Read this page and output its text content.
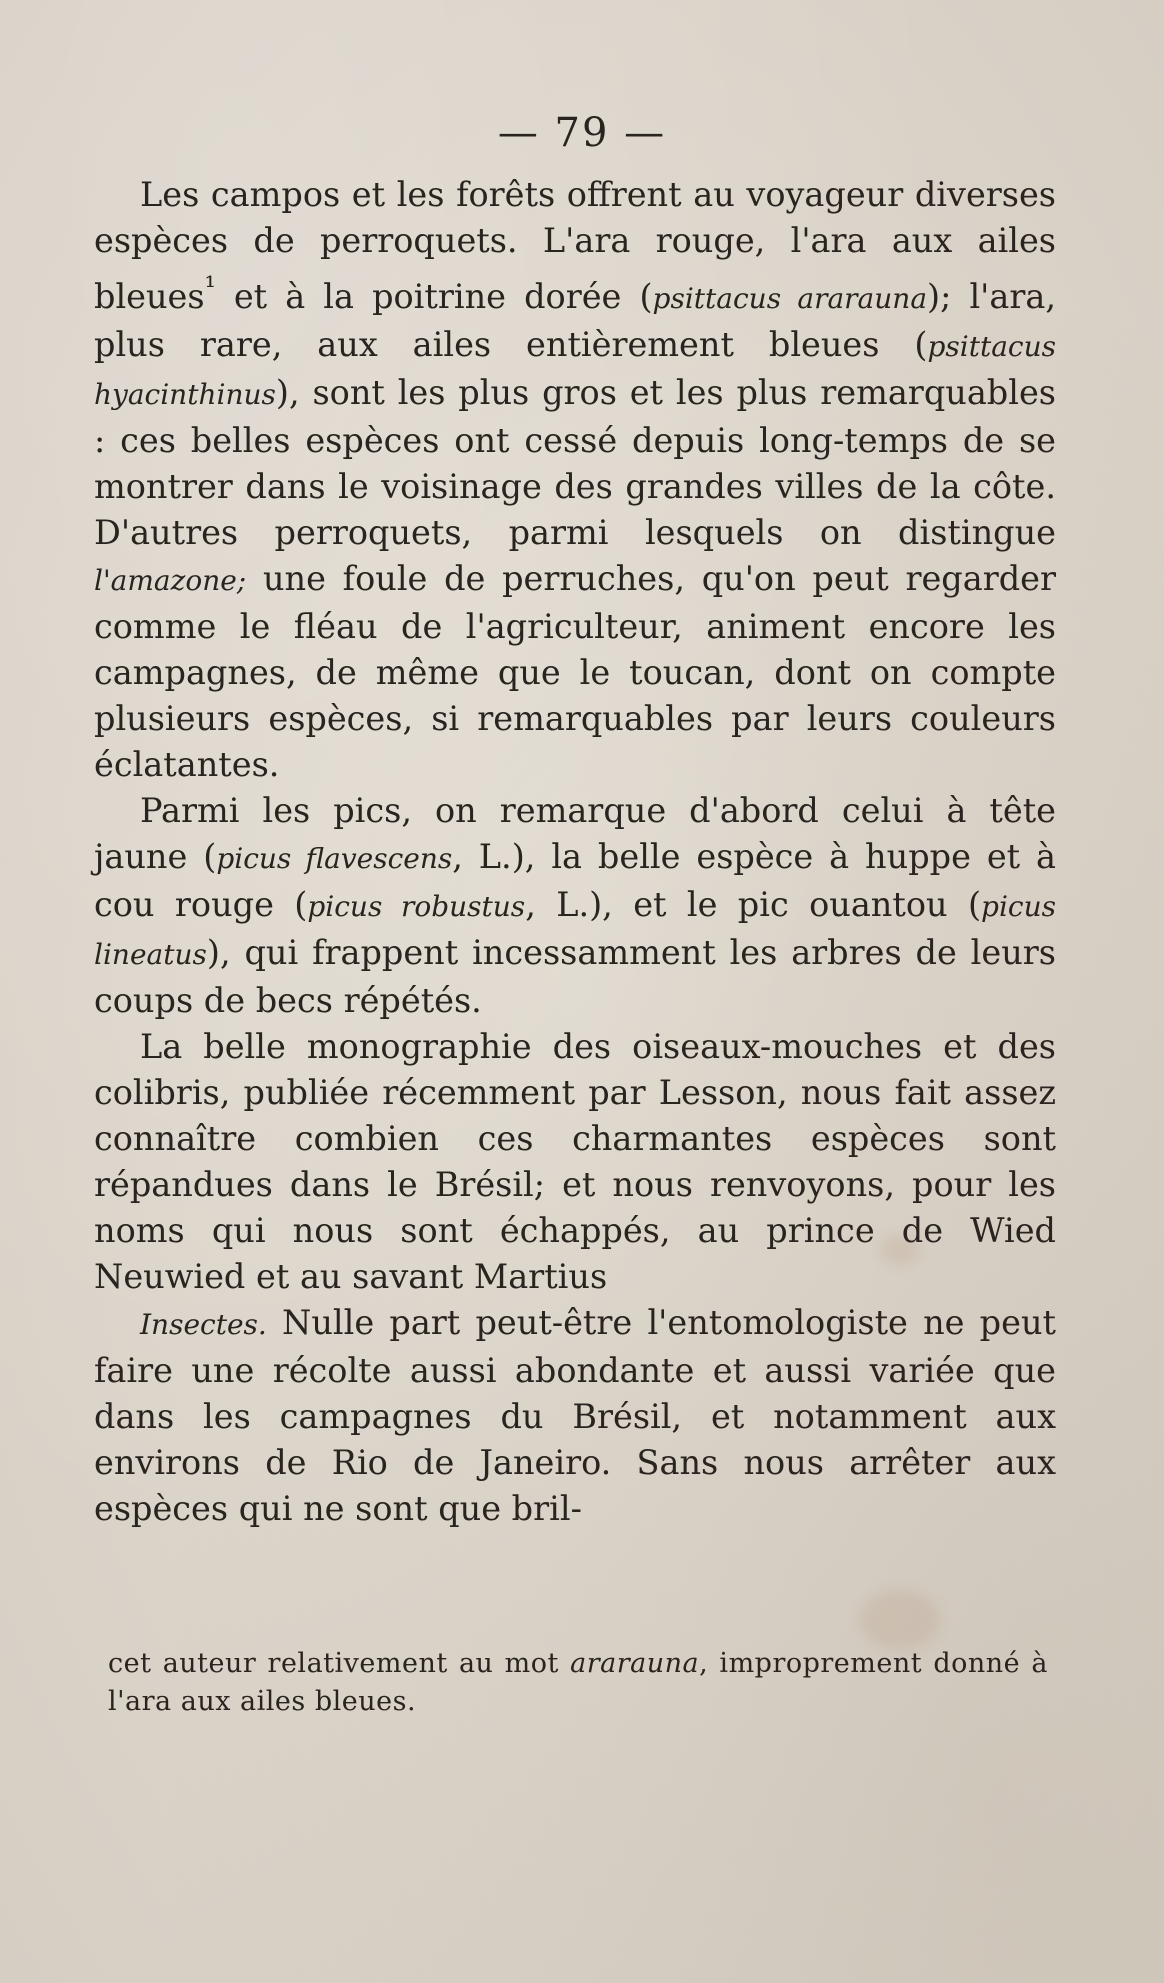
— 79 —

Les campos et les forêts offrent au voyageur diverses espèces de perroquets. L'ara rouge, l'ara aux ailes bleues$^{^1}$ et à la poitrine dorée (psittacus ararauna); l'ara, plus rare, aux ailes entièrement bleues (psittacus hyacinthinus), sont les plus gros et les plus remarquables : ces belles espèces ont cessé depuis long-temps de se montrer dans le voisinage des grandes villes de la côte. D'autres perroquets, parmi lesquels on distingue l'amazone; une foule de perruches, qu'on peut regarder comme le fléau de l'agriculteur, animent encore les campagnes, de même que le toucan, dont on compte plusieurs espèces, si remarquables par leurs couleurs éclatantes.

Parmi les pics, on remarque d'abord celui à tête jaune (picus flavescens, L.), la belle espèce à huppe et à cou rouge (picus robustus, L.), et le pic ouantou (picus lineatus), qui frappent incessamment les arbres de leurs coups de becs répétés.

La belle monographie des oiseaux-mouches et des colibris, publiée récemment par Lesson, nous fait assez connaître combien ces charmantes espèces sont répandues dans le Brésil; et nous renvoyons, pour les noms qui nous sont échappés, au prince de Wied Neuwied et au savant Martius

Insectes. Nulle part peut-être l'entomologiste ne peut faire une récolte aussi abondante et aussi variée que dans les campagnes du Brésil, et notamment aux environs de Rio de Janeiro. Sans nous arrêter aux espèces qui ne sont que bril-

cet auteur relativement au mot ararauna, improprement donné à l'ara aux ailes bleues.
